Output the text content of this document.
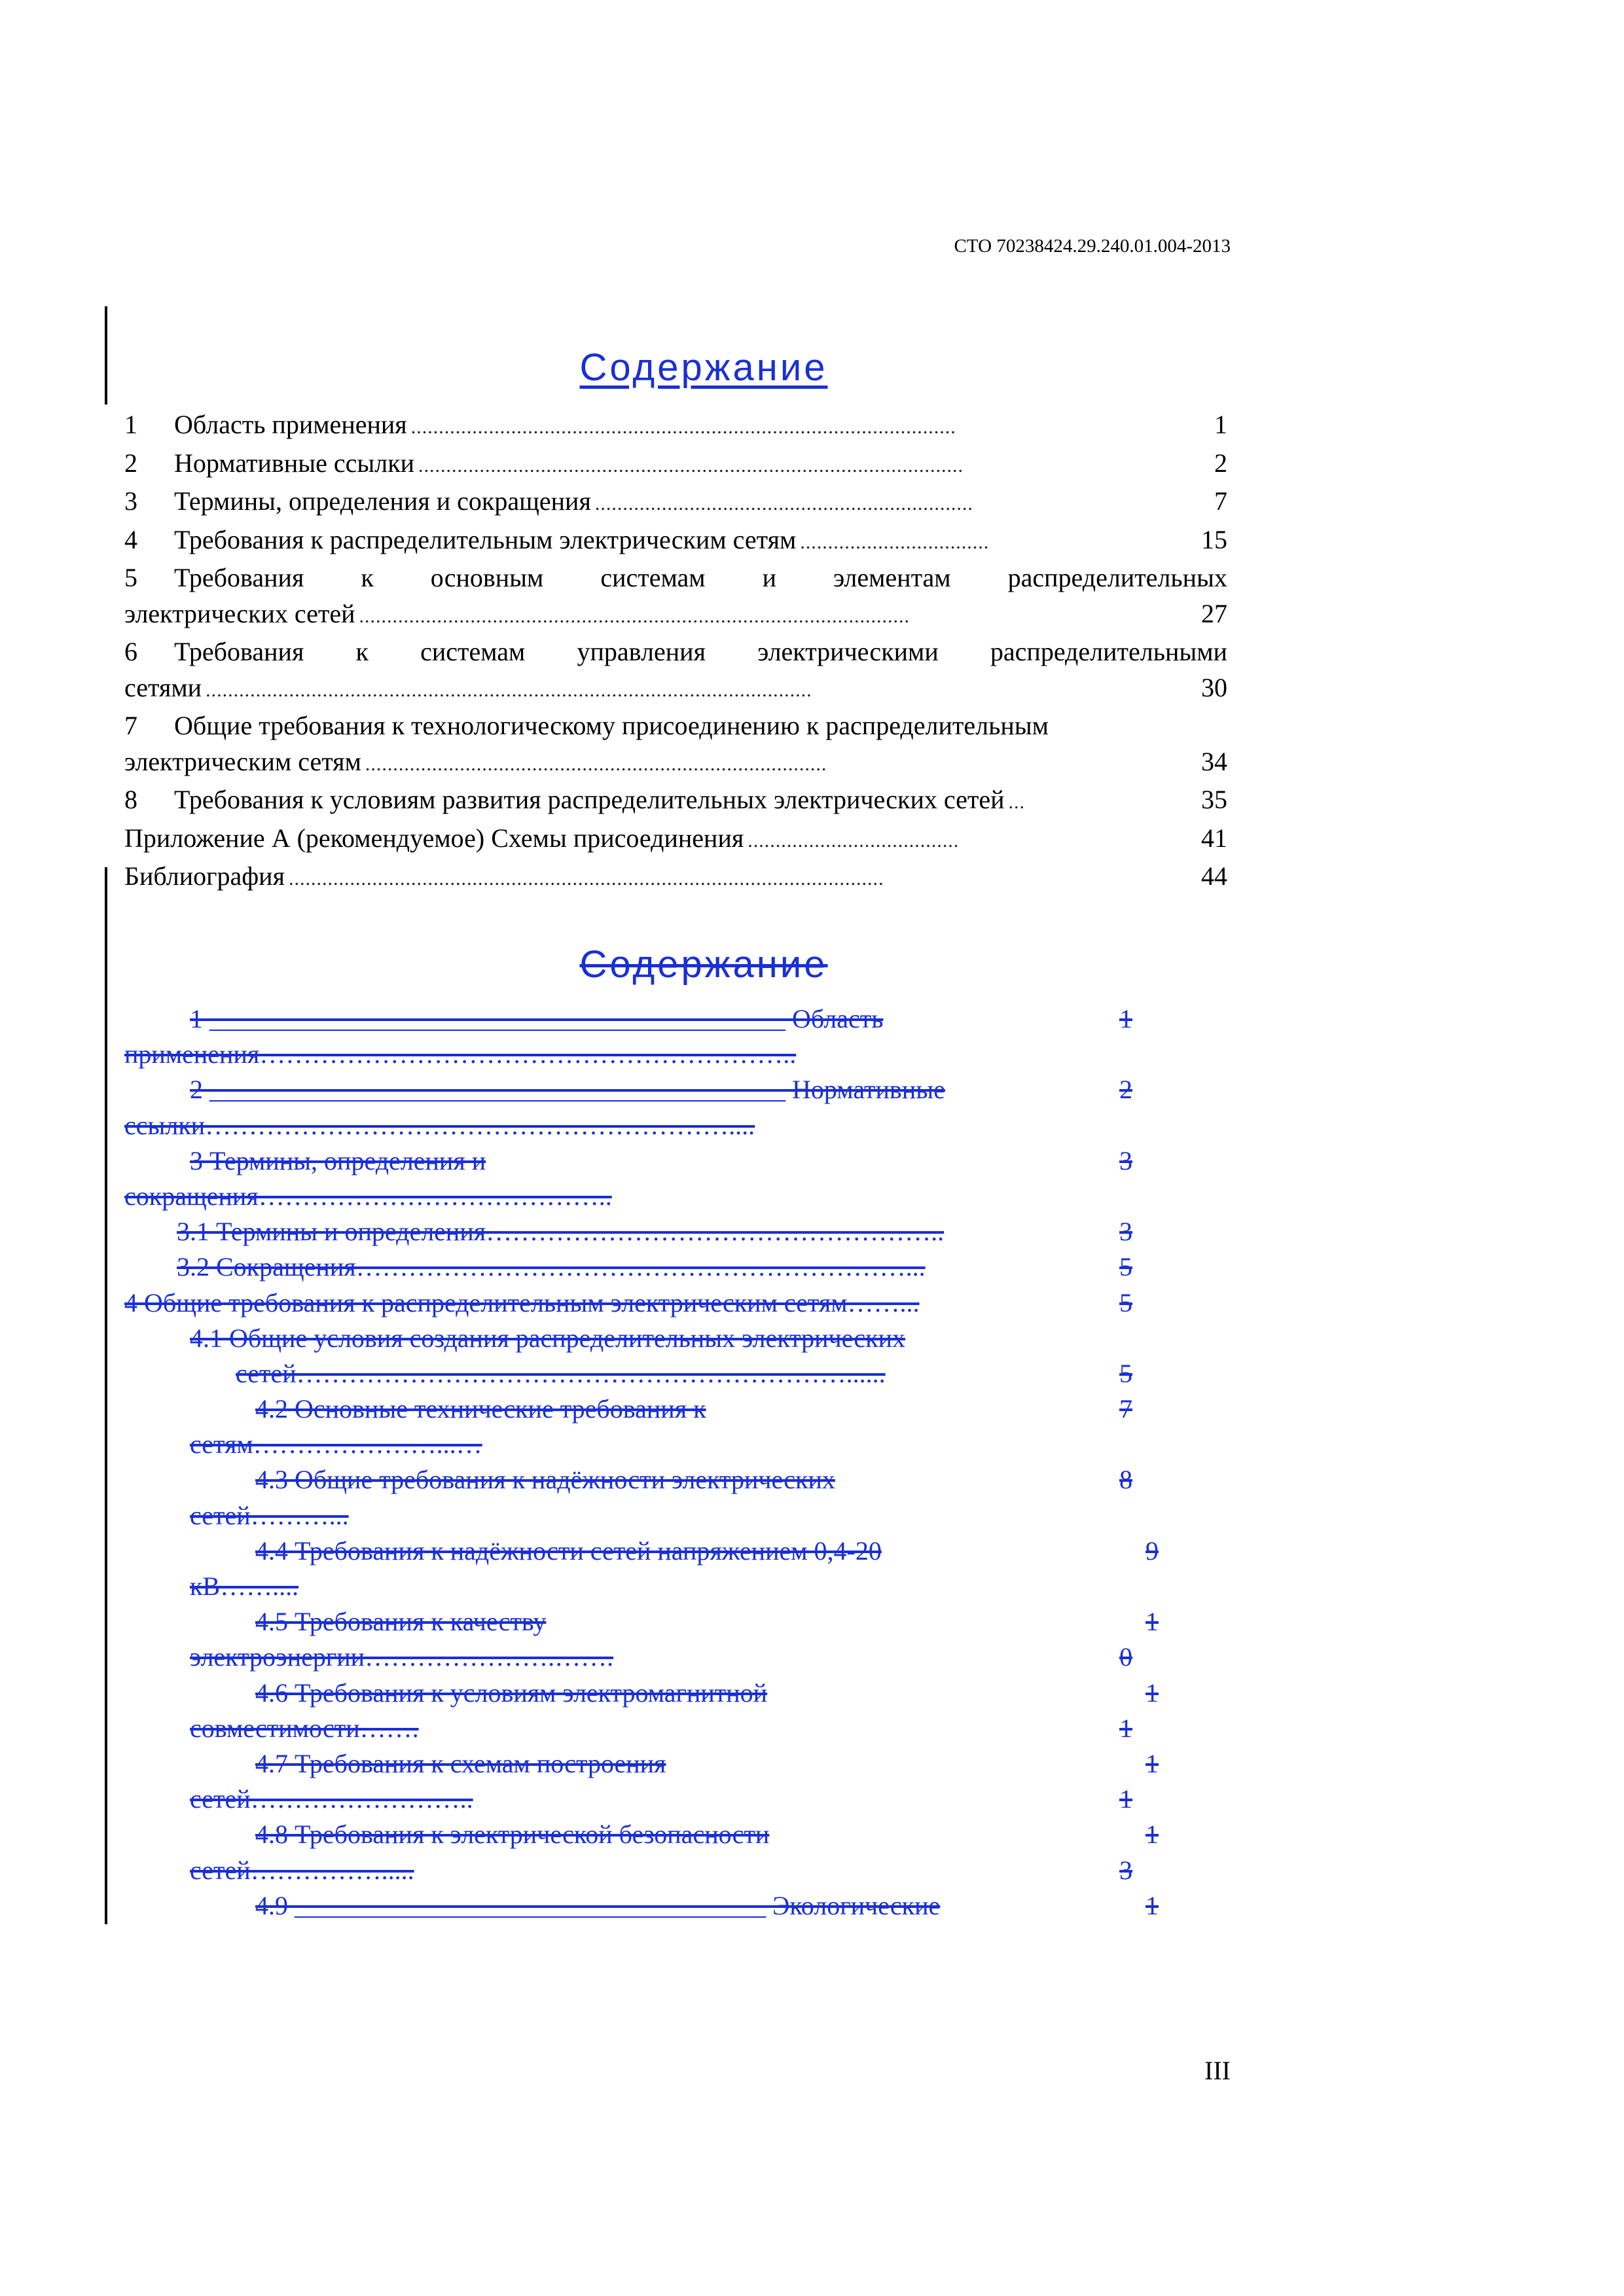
СТО 70238424.29.240.01.004-2013
Содержание
1	Область применения ..................................................................................................	1
2	Нормативные ссылки ..................................................................................................	2
3	Термины, определения и сокращения ....................................................................	7
4	Требования к распределительным электрическим сетям ..................................	15
5	Требования к основным системам и элементам распределительных
электрических сетей ...................................................................................................	27
6	Требования к системам управления электрическими распределительными
сетями .............................................................................................................	30
7	Общие требования к технологическому присоединению к распределительным
электрическим сетям ...................................................................................	34
8	Требования к условиям развития распределительных электрических сетей ...	35
Приложение А (рекомендуемое) Схемы присоединения ......................................	41
Библиография ...........................................................................................................	44
Содержание
1 ____________________________________________ Область	1
применения……………………………………………………..
2 ____________________________________________ Нормативные	2
ссылки……………………………………………………....
3 Термины, определения и	3
сокращения…………………………………..
3.1 Термины и определения……………………………………………..	3
3.2 Сокращения………………………………………………………...	5
4 Общие требования к распределительным электрическим сетям……...	5
4.1 Общие условия создания распределительных электрических
сетей………………………………………………………......	5
4.2 Основные технические требования к	7
сетям…………………...…
4.3 Общие требования к надёжности электрических	8
сетей………...
4.4 Требования к надёжности сетей напряжением 0,4-20	9
кВ……....
4.5 Требования к качеству	1
электроэнергии………………….…….	0
4.6 Требования к условиям электромагнитной	1
совместимости…….	1
4.7 Требования к схемам построения	1
сетей……………………..	1
4.8 Требования к электрической безопасности	1
сетей…………….....	3
4.9 ____________________________________ Экологические	1
III
